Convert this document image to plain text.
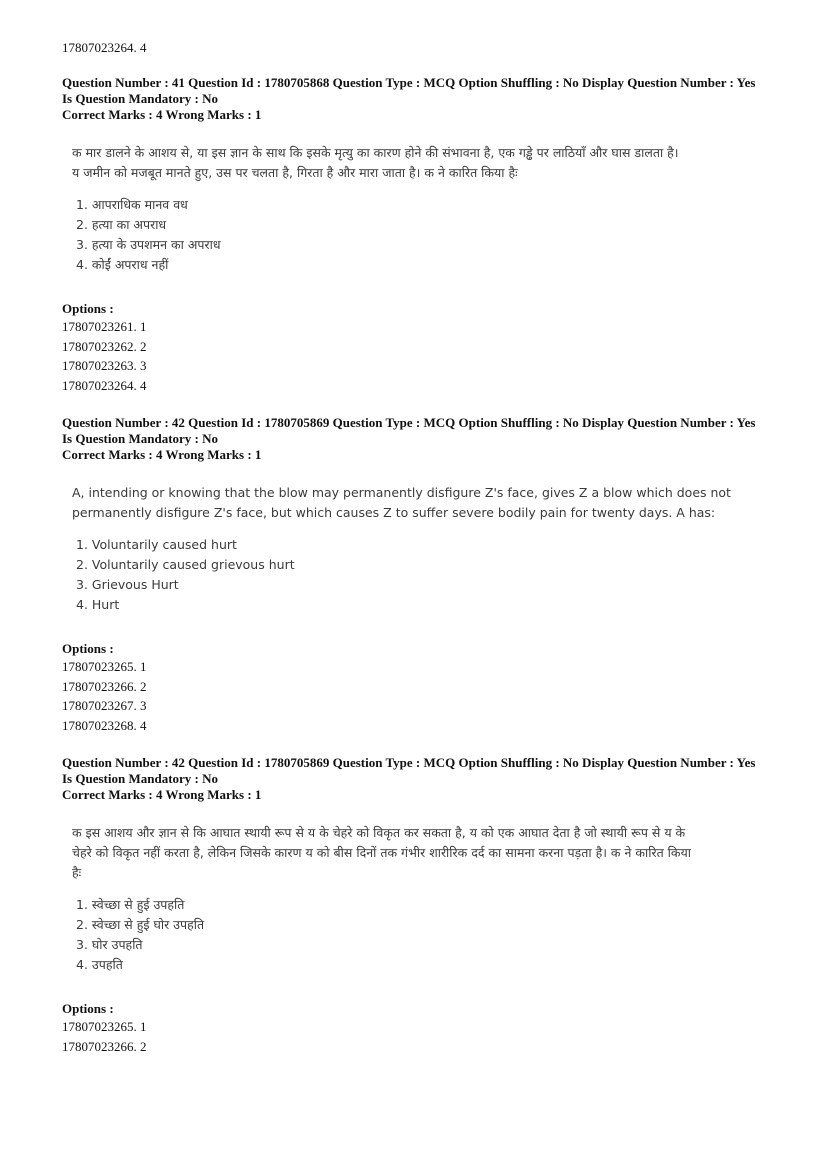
17807023264. 4

Question Number : 41 Question Id : 1780705868 Question Type : MCQ Option Shuffling : No Display Question Number : Yes

Is Question Mandatory : No

Correct Marks : 4 Wrong Marks : 1

क मार डालने के आशय से, या इस ज्ञान के साथ कि इसके मृत्यु का कारण होने की संभावना है, एक गड्ढे पर लाठियाँ और घास डालता है।
य जमीन को मजबूत मानते हुए, उस पर चलता है, गिरता है और मारा जाता है। क ने कारित किया हैः
1. आपराधिक मानव वध
2. हत्या का अपराध
3. हत्या के उपशमन का अपराध
4. कोईं अपराध नहीं

Options :

17807023261. 1
17807023262. 2
17807023263. 3
17807023264. 4

Question Number : 42 Question Id : 1780705869 Question Type : MCQ Option Shuffling : No Display Question Number : Yes

Is Question Mandatory : No

Correct Marks : 4 Wrong Marks : 1

A, intending or knowing that the blow may permanently disfigure Z's face, gives Z a blow which does not
permanently disfigure Z's face, but which causes Z to suffer severe bodily pain for twenty days. A has:
1. Voluntarily caused hurt
2. Voluntarily caused grievous hurt
3. Grievous Hurt
4. Hurt

Options :

17807023265. 1
17807023266. 2
17807023267. 3
17807023268. 4

Question Number : 42 Question Id : 1780705869 Question Type : MCQ Option Shuffling : No Display Question Number : Yes

Is Question Mandatory : No

Correct Marks : 4 Wrong Marks : 1

क इस आशय और ज्ञान से कि आघात स्थायी रूप से य के चेहरे को विकृत कर सकता है, य को एक आघात देता है जो स्थायी रूप से य के
चेहरे को विकृत नहीं करता है, लेकिन जिसके कारण य को बीस दिनों तक गंभीर शारीरिक दर्द का सामना करना पड़ता है। क ने कारित किया
हैः
1. स्वेच्छा से हुई उपहति
2. स्वेच्छा से हुई घोर उपहति
3. घोर उपहति
4. उपहति

Options :

17807023265. 1
17807023266. 2
